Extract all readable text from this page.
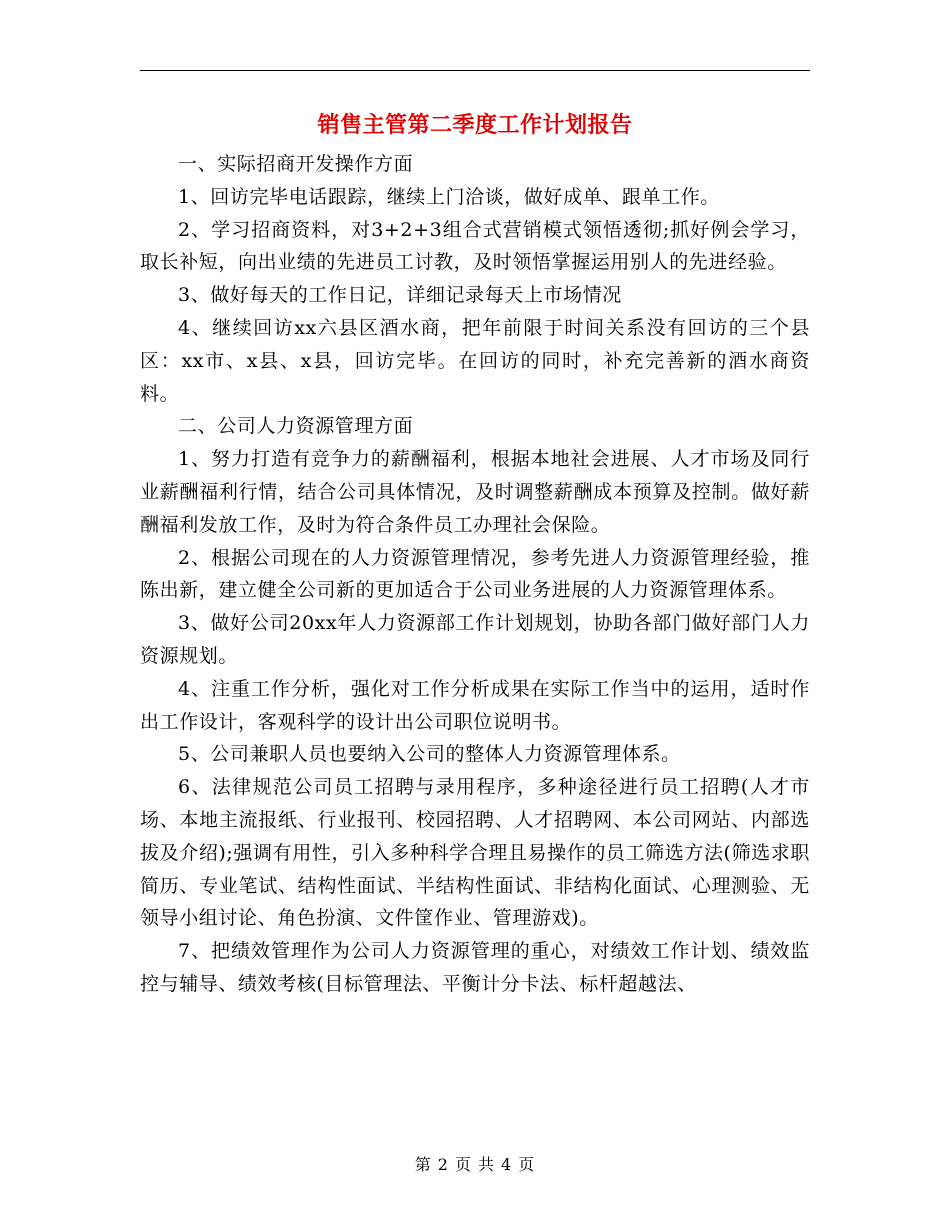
销售主管第二季度工作计划报告

一、实际招商开发操作方面

1、回访完毕电话跟踪，继续上门洽谈，做好成单、跟单工作。

2、学习招商资料，对3+2+3组合式营销模式领悟透彻;抓好例会学习，取长补短，向出业绩的先进员工讨教，及时领悟掌握运用别人的先进经验。

3、做好每天的工作日记，详细记录每天上市场情况

4、继续回访xx六县区酒水商，把年前限于时间关系没有回访的三个县区：xx市、x县、x县，回访完毕。在回访的同时，补充完善新的酒水商资料。

二、公司人力资源管理方面

1、努力打造有竞争力的薪酬福利，根据本地社会进展、人才市场及同行业薪酬福利行情，结合公司具体情况，及时调整薪酬成本预算及控制。做好薪酬福利发放工作，及时为符合条件员工办理社会保险。

2、根据公司现在的人力资源管理情况，参考先进人力资源管理经验，推陈出新，建立健全公司新的更加适合于公司业务进展的人力资源管理体系。

3、做好公司20xx年人力资源部工作计划规划，协助各部门做好部门人力资源规划。

4、注重工作分析，强化对工作分析成果在实际工作当中的运用，适时作出工作设计，客观科学的设计出公司职位说明书。

5、公司兼职人员也要纳入公司的整体人力资源管理体系。

6、法律规范公司员工招聘与录用程序，多种途径进行员工招聘(人才市场、本地主流报纸、行业报刊、校园招聘、人才招聘网、本公司网站、内部选拔及介绍);强调有用性，引入多种科学合理且易操作的员工筛选方法(筛选求职简历、专业笔试、结构性面试、半结构性面试、非结构化面试、心理测验、无领导小组讨论、角色扮演、文件筐作业、管理游戏)。

7、把绩效管理作为公司人力资源管理的重心，对绩效工作计划、绩效监控与辅导、绩效考核(目标管理法、平衡计分卡法、标杆超越法、

第 2 页 共 4 页
